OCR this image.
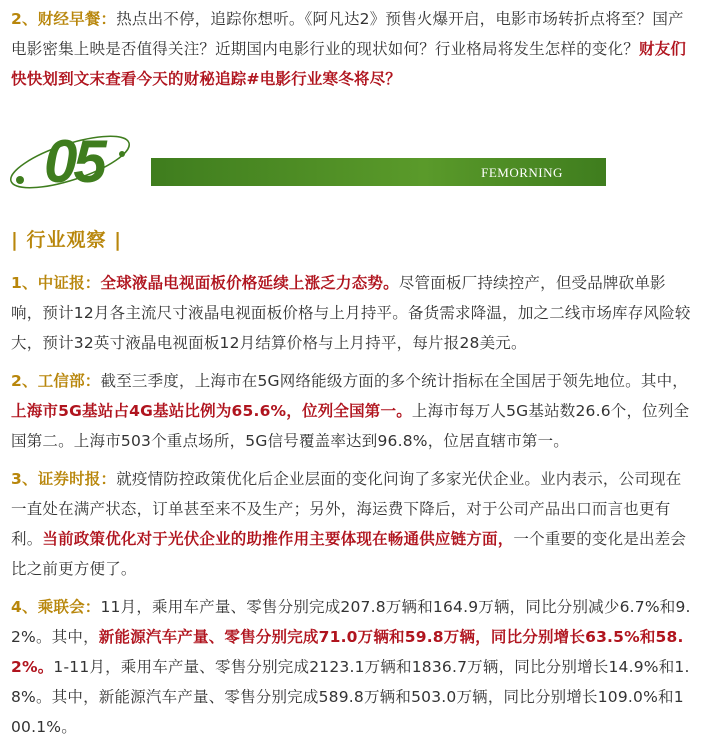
2、财经早餐：热点出不停，追踪你想听。《阿凡达2》预售火爆开启，电影市场转折点将至？国产电影密集上映是否值得关注？近期国内电影行业的现状如何？行业格局将发生怎样的变化？财友们快快划到文末查看今天的财秘追踪#电影行业寒冬将尽？

05	FEMORNING
| 行业观察 |

1、中证报：全球液晶电视面板价格延续上涨乏力态势。尽管面板厂持续控产，但受品牌砍单影响，预计12月各主流尺寸液晶电视面板价格与上月持平。备货需求降温，加之二线市场库存风险较大，预计32英寸液晶电视面板12月结算价格与上月持平，每片报28美元。

2、工信部：截至三季度，上海市在5G网络能级方面的多个统计指标在全国居于领先地位。其中，上海市5G基站占4G基站比例为65.6%，位列全国第一。上海市每万人5G基站数26.6个，位列全国第二。上海市503个重点场所，5G信号覆盖率达到96.8%，位居直辖市第一。

3、证券时报：就疫情防控政策优化后企业层面的变化问询了多家光伏企业。业内表示，公司现在一直处在满产状态，订单甚至来不及生产；另外，海运费下降后，对于公司产品出口而言也更有利。当前政策优化对于光伏企业的助推作用主要体现在畅通供应链方面，一个重要的变化是出差会比之前更方便了。

4、乘联会：11月，乘用车产量、零售分别完成207.8万辆和164.9万辆，同比分别减少6.7%和9.2%。其中，新能源汽车产量、零售分别完成71.0万辆和59.8万辆，同比分别增长63.5%和58.2%。1-11月，乘用车产量、零售分别完成2123.1万辆和1836.7万辆，同比分别增长14.9%和1.8%。其中，新能源汽车产量、零售分别完成589.8万辆和503.0万辆，同比分别增长109.0%和100.1%。
